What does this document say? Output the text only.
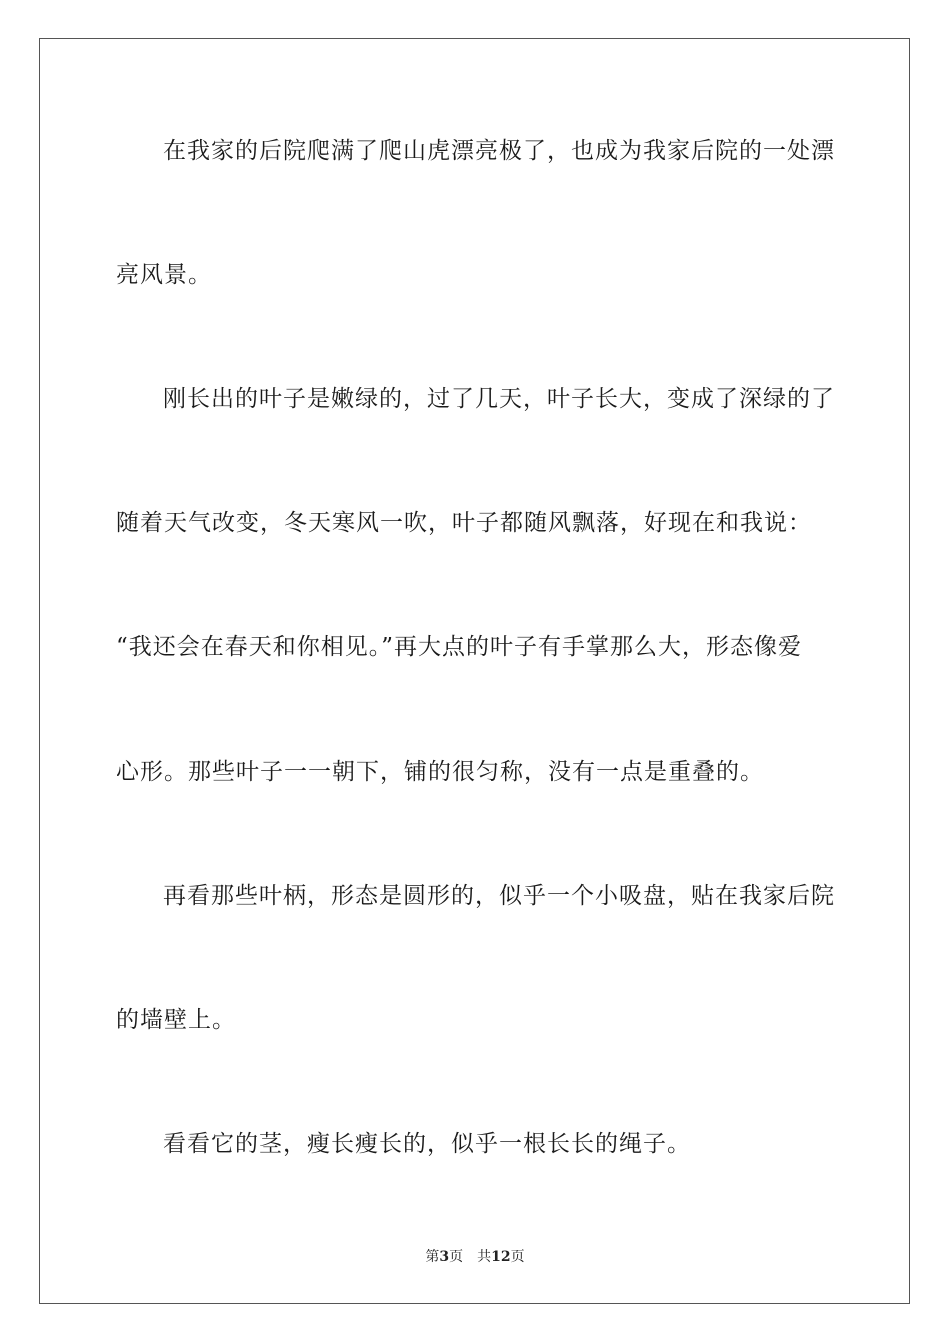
在我家的后院爬满了爬山虎漂亮极了，也成为我家后院的一处漂
亮风景。
刚长出的叶子是嫩绿的，过了几天，叶子长大，变成了深绿的了
随着天气改变，冬天寒风一吹，叶子都随风飘落，好现在和我说：
“我还会在春天和你相见。”再大点的叶子有手掌那么大，形态像爱
心形。那些叶子一一朝下，铺的很匀称，没有一点是重叠的。
再看那些叶柄，形态是圆形的，似乎一个小吸盘，贴在我家后院
的墙壁上。
看看它的茎，瘦长瘦长的，似乎一根长长的绳子。
第3页 共12页
